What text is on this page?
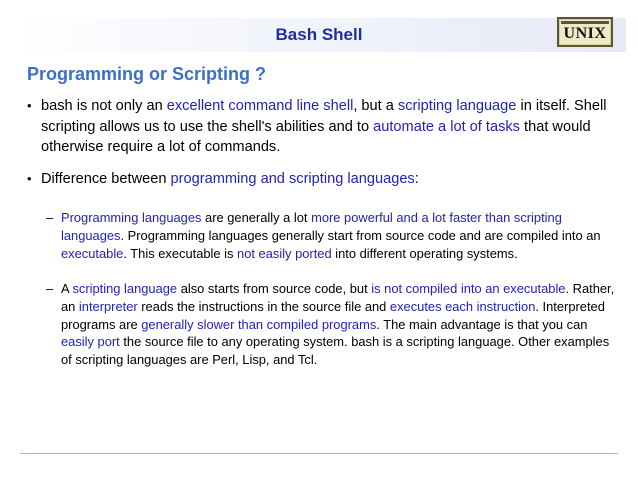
Bash Shell	UNIX
Programming or Scripting ?

• bash is not only an excellent command line shell, but a scripting language in itself. Shell scripting allows us to use the shell's abilities and to automate a lot of tasks that would otherwise require a lot of commands.

• Difference between programming and scripting languages:

– Programming languages are generally a lot more powerful and a lot faster than scripting languages. Programming languages generally start from source code and are compiled into an executable. This executable is not easily ported into different operating systems.

– A scripting language also starts from source code, but is not compiled into an executable. Rather, an interpreter reads the instructions in the source file and executes each instruction. Interpreted programs are generally slower than compiled programs. The main advantage is that you can easily port the source file to any operating system. bash is a scripting language. Other examples of scripting languages are Perl, Lisp, and Tcl.
